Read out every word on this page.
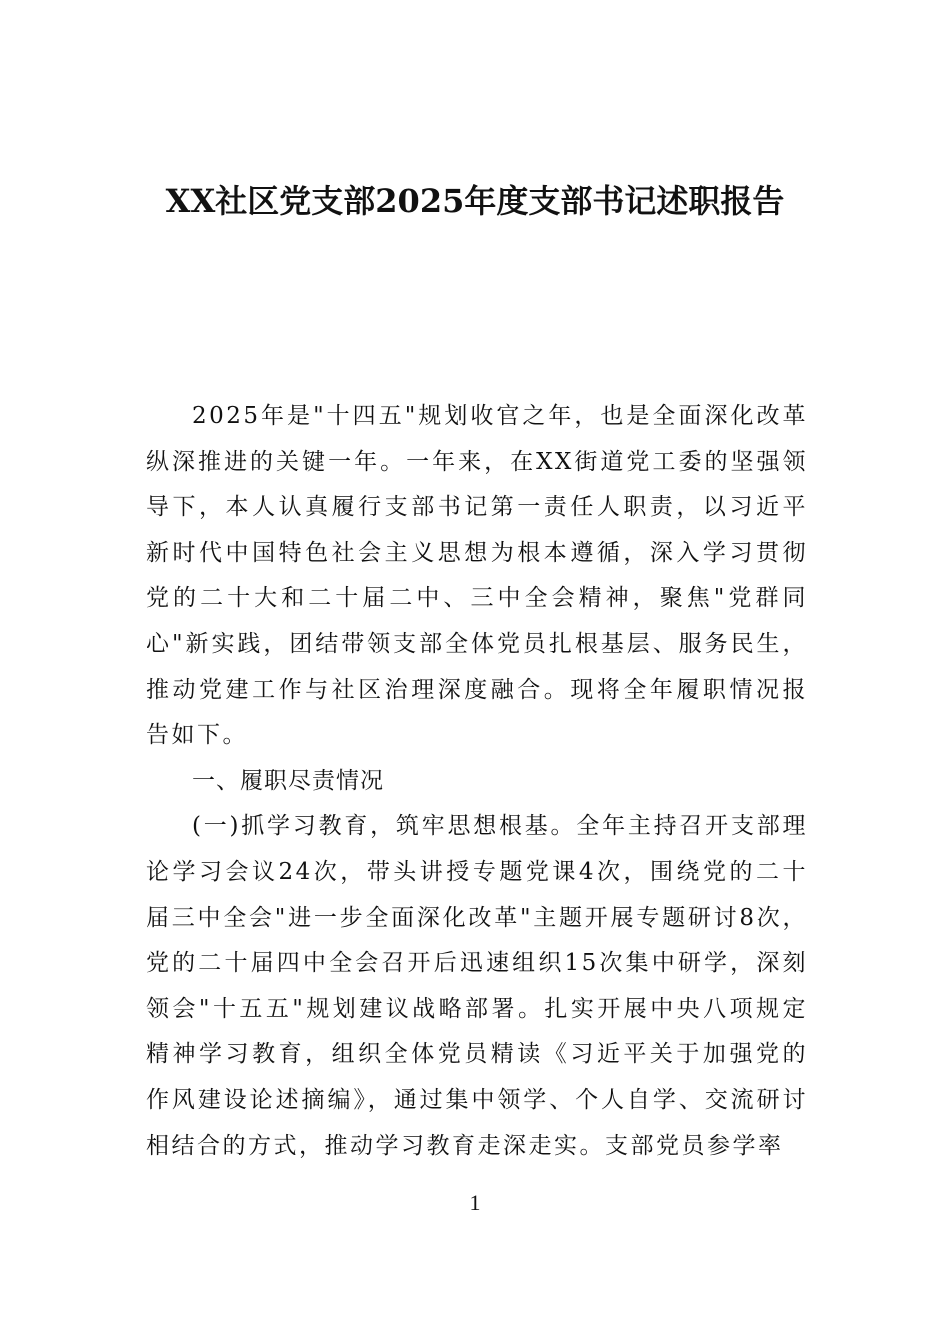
XX社区党支部2025年度支部书记述职报告

2025年是"十四五"规划收官之年，也是全面深化改革纵深推进的关键一年。一年来，在XX街道党工委的坚强领导下，本人认真履行支部书记第一责任人职责，以习近平新时代中国特色社会主义思想为根本遵循，深入学习贯彻党的二十大和二十届二中、三中全会精神，聚焦"党群同心"新实践，团结带领支部全体党员扎根基层、服务民生，推动党建工作与社区治理深度融合。现将全年履职情况报告如下。

一、履职尽责情况

(一)抓学习教育，筑牢思想根基。全年主持召开支部理论学习会议24次，带头讲授专题党课4次，围绕党的二十届三中全会"进一步全面深化改革"主题开展专题研讨8次，党的二十届四中全会召开后迅速组织15次集中研学，深刻领会"十五五"规划建议战略部署。扎实开展中央八项规定精神学习教育，组织全体党员精读《习近平关于加强党的作风建设论述摘编》，通过集中领学、个人自学、交流研讨相结合的方式，推动学习教育走深走实。支部党员参学率

1
